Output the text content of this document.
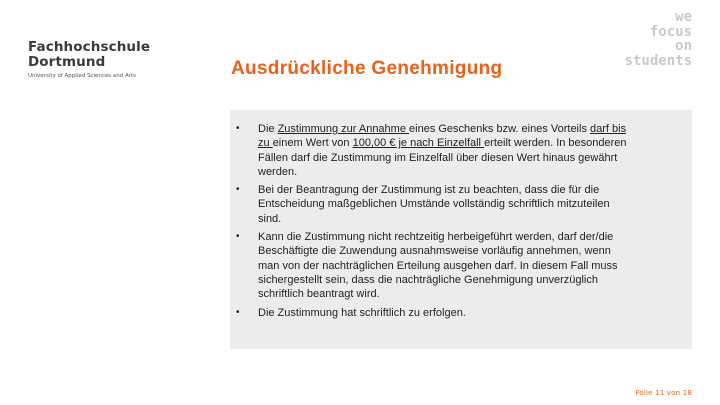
Fachhochschule
Dortmund
University of Applied Sciences and Arts
we
focus
on
students
Ausdrückliche Genehmigung
• Die Zustimmung zur Annahme eines Geschenks bzw. eines Vorteils darf bis zu einem Wert von 100,00 € je nach Einzelfall erteilt werden. In besonderen Fällen darf die Zustimmung im Einzelfall über diesen Wert hinaus gewährt werden.
• Bei der Beantragung der Zustimmung ist zu beachten, dass die für die Entscheidung maßgeblichen Umstände vollständig schriftlich mitzuteilen sind.
• Kann die Zustimmung nicht rechtzeitig herbeigeführt werden, darf der/die Beschäftigte die Zuwendung ausnahmsweise vorläufig annehmen, wenn man von der nachträglichen Erteilung ausgehen darf. In diesem Fall muss sichergestellt sein, dass die nachträgliche Genehmigung unverzüglich schriftlich beantragt wird.
• Die Zustimmung hat schriftlich zu erfolgen.
Folie 11 von 18
